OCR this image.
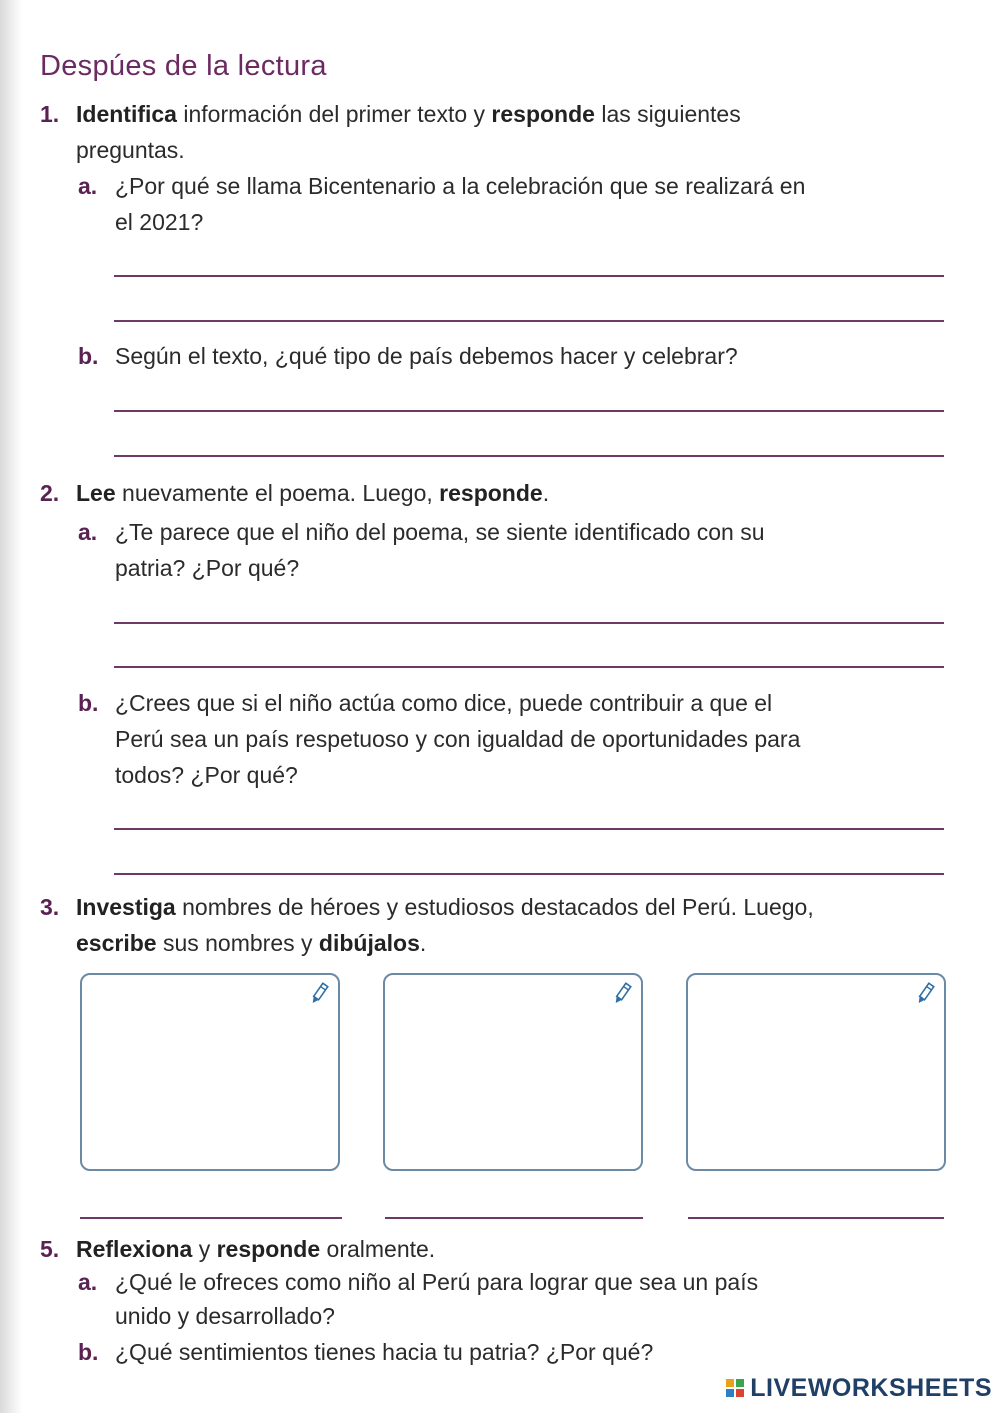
Despúes de la lectura
1. Identifica información del primer texto y responde las siguientes
preguntas.
a. ¿Por qué se llama Bicentenario a la celebración que se realizará en
el 2021?
b. Según el texto, ¿qué tipo de país debemos hacer y celebrar?
2. Lee nuevamente el poema. Luego, responde.
a. ¿Te parece que el niño del poema, se siente identificado con su
patria? ¿Por qué?
b. ¿Crees que si el niño actúa como dice, puede contribuir a que el
Perú sea un país respetuoso y con igualdad de oportunidades para
todos? ¿Por qué?
3. Investiga nombres de héroes y estudiosos destacados del Perú. Luego,
escribe sus nombres y dibújalos.
5. Reflexiona y responde oralmente.
a. ¿Qué le ofreces como niño al Perú para lograr que sea un país
unido y desarrollado?
b. ¿Qué sentimientos tienes hacia tu patria? ¿Por qué?
LIVEWORKSHEETS
